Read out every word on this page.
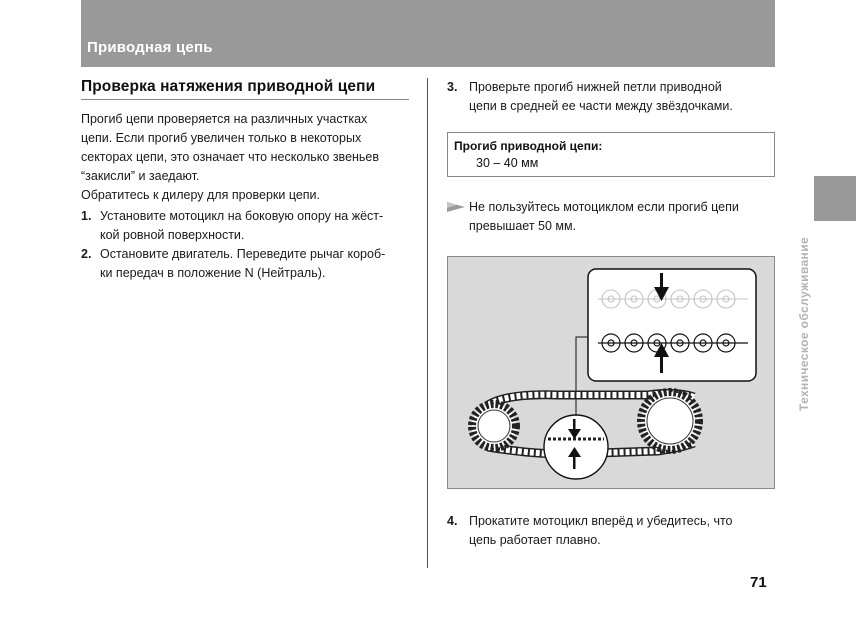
Приводная цепь
Проверка натяжения приводной цепи

Прогиб цепи проверяется на различных участках

цепи. Если прогиб увеличен только в некоторых

секторах цепи, это означает что несколько звеньев

“закисли” и заедают.

Обратитесь к дилеру для проверки цепи.

1. Установите мотоцикл на боковую опору на жёст-
кой ровной поверхности.
2. Остановите двигатель. Переведите рычаг короб-
ки передач в положение N (Нейтраль).
3. Проверьте прогиб нижней петли приводной
цепи в средней ее части между звёздочками.
Прогиб приводной цепи:
30 – 40 мм
Не пользуйтесь мотоциклом если прогиб цепи
превышает 50 мм.
4. Прокатите мотоцикл вперёд и убедитесь, что
цепь работает плавно.
Техническое обслуживание
71
